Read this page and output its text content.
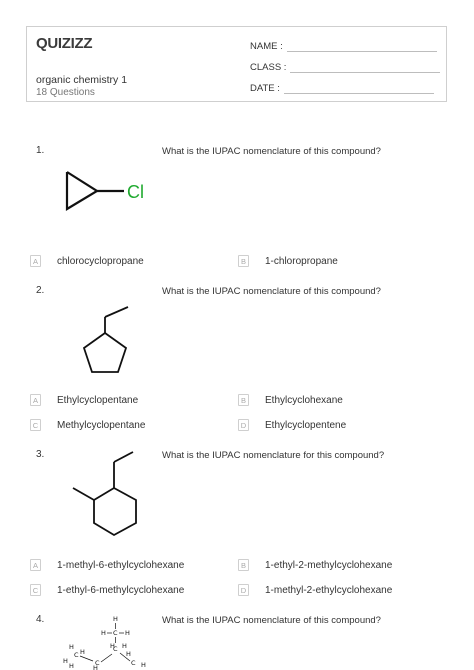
QUIZIZZ
organic chemistry 1
18 Questions
NAME :
CLASS :
DATE :
1.	What is the IUPAC nomenclature of this compound?
Cl
A	chlorocyclopropane	B	1-chloropropane
2.	What is the IUPAC nomenclature of this compound?
A	Ethylcyclopentane	B	Ethylcyclohexane
C Methylcyclopentane	D Ethylcyclopentene
3.	What is the IUPAC nomenclature for this compound?
A	1-methyl-6-ethylcyclohexane	B	1-ethyl-2-methylcyclohexane
C 1-ethyl-6-methylcyclohexane	D 1-methyl-2-ethylcyclohexane
4.	What is the IUPAC nomenclature of this compound?
H
H C H
H
C H
H
H
C
C
H
H
H
C H
H
